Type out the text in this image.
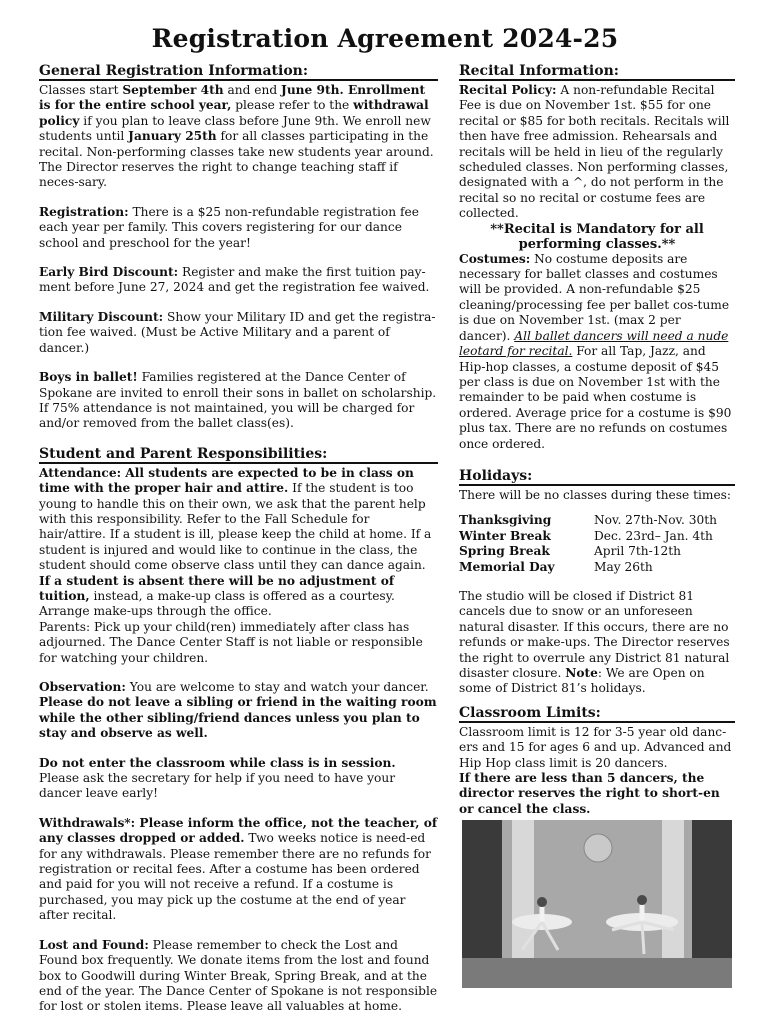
Registration Agreement 2024-25
General Registration Information:

Classes start September 4th and end June 9th. Enrollment is for the entire school year, please refer to the withdrawal policy if you plan to leave class before June 9th. We enroll new students until January 25th for all classes participating in the recital. Non-performing classes take new students year around. The Director reserves the right to change teaching staff if neces-sary.

Registration: There is a $25 non-refundable registration fee each year per family. This covers registering for our dance school and preschool for the year!

Early Bird Discount: Register and make the first tuition pay-ment before June 27, 2024 and get the registration fee waived.

Military Discount: Show your Military ID and get the registra-tion fee waived. (Must be Active Military and a parent of dancer.)

Boys in ballet! Families registered at the Dance Center of Spokane are invited to enroll their sons in ballet on scholarship. If 75% attendance is not maintained, you will be charged for and/or removed from the ballet class(es).

Student and Parent Responsibilities:

Attendance: All students are expected to be in class on time with the proper hair and attire. If the student is too young to handle this on their own, we ask that the parent help with this responsibility. Refer to the Fall Schedule for hair/attire. If a student is ill, please keep the child at home. If a student is injured and would like to continue in the class, the student should come observe class until they can dance again. If a student is absent there will be no adjustment of tuition, instead, a make-up class is offered as a courtesy. Arrange make-ups through the office.

Parents: Pick up your child(ren) immediately after class has adjourned. The Dance Center Staff is not liable or responsible for watching your children.

Observation: You are welcome to stay and watch your dancer. Please do not leave a sibling or friend in the waiting room while the other sibling/friend dances unless you plan to stay and observe as well.

Do not enter the classroom while class is in session. Please ask the secretary for help if you need to have your dancer leave early!

Withdrawals*: Please inform the office, not the teacher, of any classes dropped or added. Two weeks notice is need-ed for any withdrawals. Please remember there are no refunds for registration or recital fees. After a costume has been ordered and paid for you will not receive a refund. If a costume is purchased, you may pick up the costume at the end of year after recital.

Lost and Found: Please remember to check the Lost and Found box frequently. We donate items from the lost and found box to Goodwill during Winter Break, Spring Break, and at the end of the year. The Dance Center of Spokane is not responsible for lost or stolen items. Please leave all valuables at home.

Recital Information:

Recital Policy: A non-refundable Recital Fee is due on November 1st. $55 for one recital or $85 for both recitals. Recitals will then have free admission. Rehearsals and recitals will be held in lieu of the regularly scheduled classes. Non performing classes, designated with a ^, do not perform in the recital so no recital or costume fees are collected.

**Recital is Mandatory for all performing classes.**

Costumes: No costume deposits are necessary for ballet classes and costumes will be provided. A non-refundable $25 cleaning/processing fee per ballet cos-tume is due on November 1st. (max 2 per dancer). All ballet dancers will need a nude leotard for recital. For all Tap, Jazz, and Hip-hop classes, a costume deposit of $45 per class is due on November 1st with the remainder to be paid when costume is ordered. Average price for a costume is $90 plus tax. There are no refunds on costumes once ordered.

Holidays:

There will be no classes during these times:

Thanksgiving	Nov. 27th-Nov. 30th
Winter Break	Dec. 23rd– Jan. 4th
Spring Break	April 7th-12th
Memorial Day	May 26th

The studio will be closed if District 81 cancels due to snow or an unforeseen natural disaster. If this occurs, there are no refunds or make-ups. The Director reserves the right to overrule any District 81 natural disaster closure. Note: We are Open on some of District 81’s holidays.

Classroom Limits:

Classroom limit is 12 for 3-5 year old danc-ers and 15 for ages 6 and up. Advanced and Hip Hop class limit is 20 dancers.

If there are less than 5 dancers, the director reserves the right to short-en or cancel the class.
